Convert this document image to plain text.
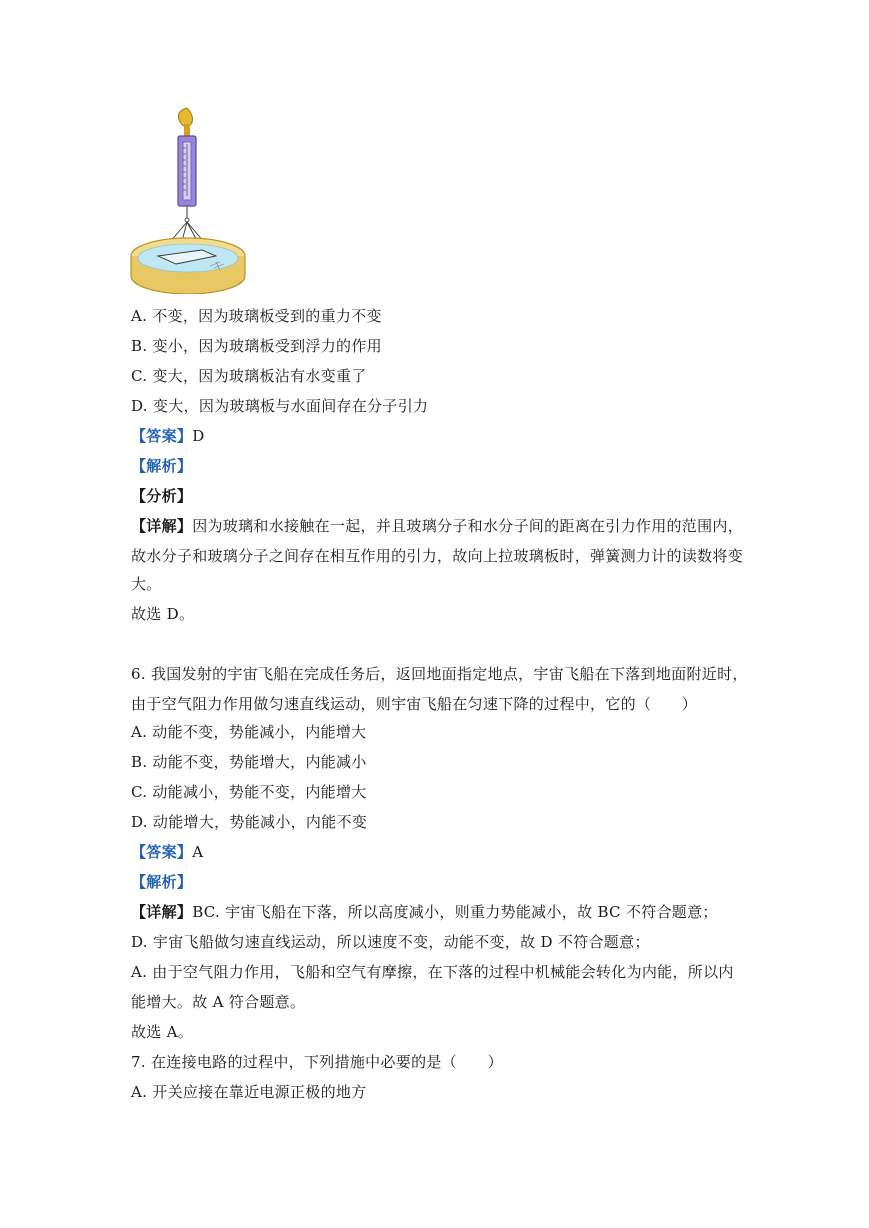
A. 不变，因为玻璃板受到的重力不变
B. 变小，因为玻璃板受到浮力的作用
C. 变大，因为玻璃板沾有水变重了
D. 变大，因为玻璃板与水面间存在分子引力
【答案】D
【解析】
【分析】
【详解】因为玻璃和水接触在一起，并且玻璃分子和水分子间的距离在引力作用的范围内，
故水分子和玻璃分子之间存在相互作用的引力，故向上拉玻璃板时，弹簧测力计的读数将变
大。
故选 D。
6. 我国发射的宇宙飞船在完成任务后，返回地面指定地点，宇宙飞船在下落到地面附近时，
由于空气阻力作用做匀速直线运动，则宇宙飞船在匀速下降的过程中，它的（　　）
A. 动能不变，势能减小，内能增大
B. 动能不变，势能增大，内能减小
C. 动能减小，势能不变，内能增大
D. 动能增大，势能减小，内能不变
【答案】A
【解析】
【详解】BC. 宇宙飞船在下落，所以高度减小，则重力势能减小，故 BC 不符合题意；
D. 宇宙飞船做匀速直线运动，所以速度不变，动能不变，故 D 不符合题意；
A. 由于空气阻力作用，飞船和空气有摩擦，在下落的过程中机械能会转化为内能，所以内
能增大。故 A 符合题意。
故选 A。
7. 在连接电路的过程中，下列措施中必要的是（　　）
A. 开关应接在靠近电源正极的地方
